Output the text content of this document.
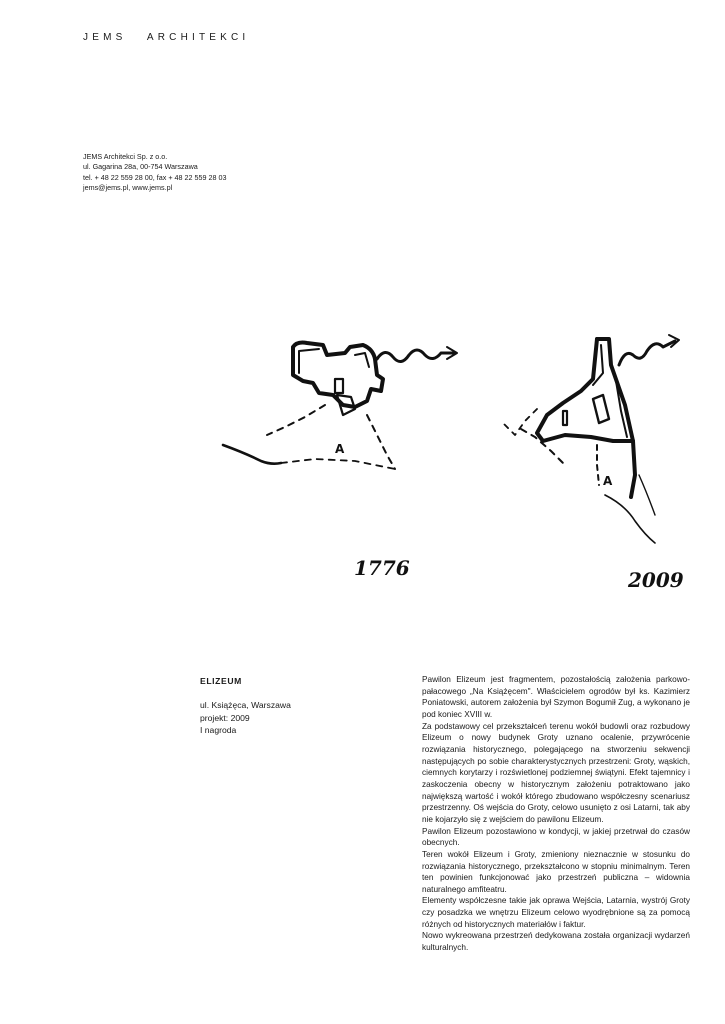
JEMS   ARCHITEKCI
JEMS Architekci Sp. z o.o.
ul. Gagarina 28a, 00-754 Warszawa
tel. + 48 22 559 28 00, fax + 48 22 559 28 03
jems@jems.pl, www.jems.pl
A
1776
A
2009
ELIZEUM
ul. Książęca, Warszawa
projekt: 2009
I nagroda

Pawilon Elizeum jest fragmentem, pozostałością założenia parkowo-pałacowego „Na Książęcem". Właścicielem ogrodów był ks. Kazimierz Poniatowski, autorem założenia był Szymon Bogumił Zug, a wykonano je pod koniec XVIII w.

Za podstawowy cel przekształceń terenu wokół budowli oraz rozbudowy Elizeum o nowy budynek Groty uznano ocalenie, przywrócenie rozwiązania historycznego, polegającego na stworzeniu sekwencji następujących po sobie charakterystycznych przestrzeni: Groty, wąskich, ciemnych korytarzy i rozświetlonej podziemnej świątyni. Efekt tajemnicy i zaskoczenia obecny w historycznym założeniu potraktowano jako największą wartość i wokół którego zbudowano współczesny scenariusz przestrzenny. Oś wejścia do Groty, celowo usunięto z osi Latarni, tak aby nie kojarzyło się z wejściem do pawilonu Elizeum.

Pawilon Elizeum pozostawiono w kondycji, w jakiej przetrwał do czasów obecnych.

Teren wokół Elizeum i Groty, zmieniony nieznacznie w stosunku do rozwiązania historycznego, przekształcono w stopniu minimalnym. Teren ten powinien funkcjonować jako przestrzeń publiczna – widownia naturalnego amfiteatru.

Elementy współczesne takie jak oprawa Wejścia, Latarnia, wystrój Groty czy posadzka we wnętrzu Elizeum celowo wyodrębnione są za pomocą różnych od historycznych materiałów i faktur.

Nowo wykreowana przestrzeń dedykowana została organizacji wydarzeń kulturalnych.
